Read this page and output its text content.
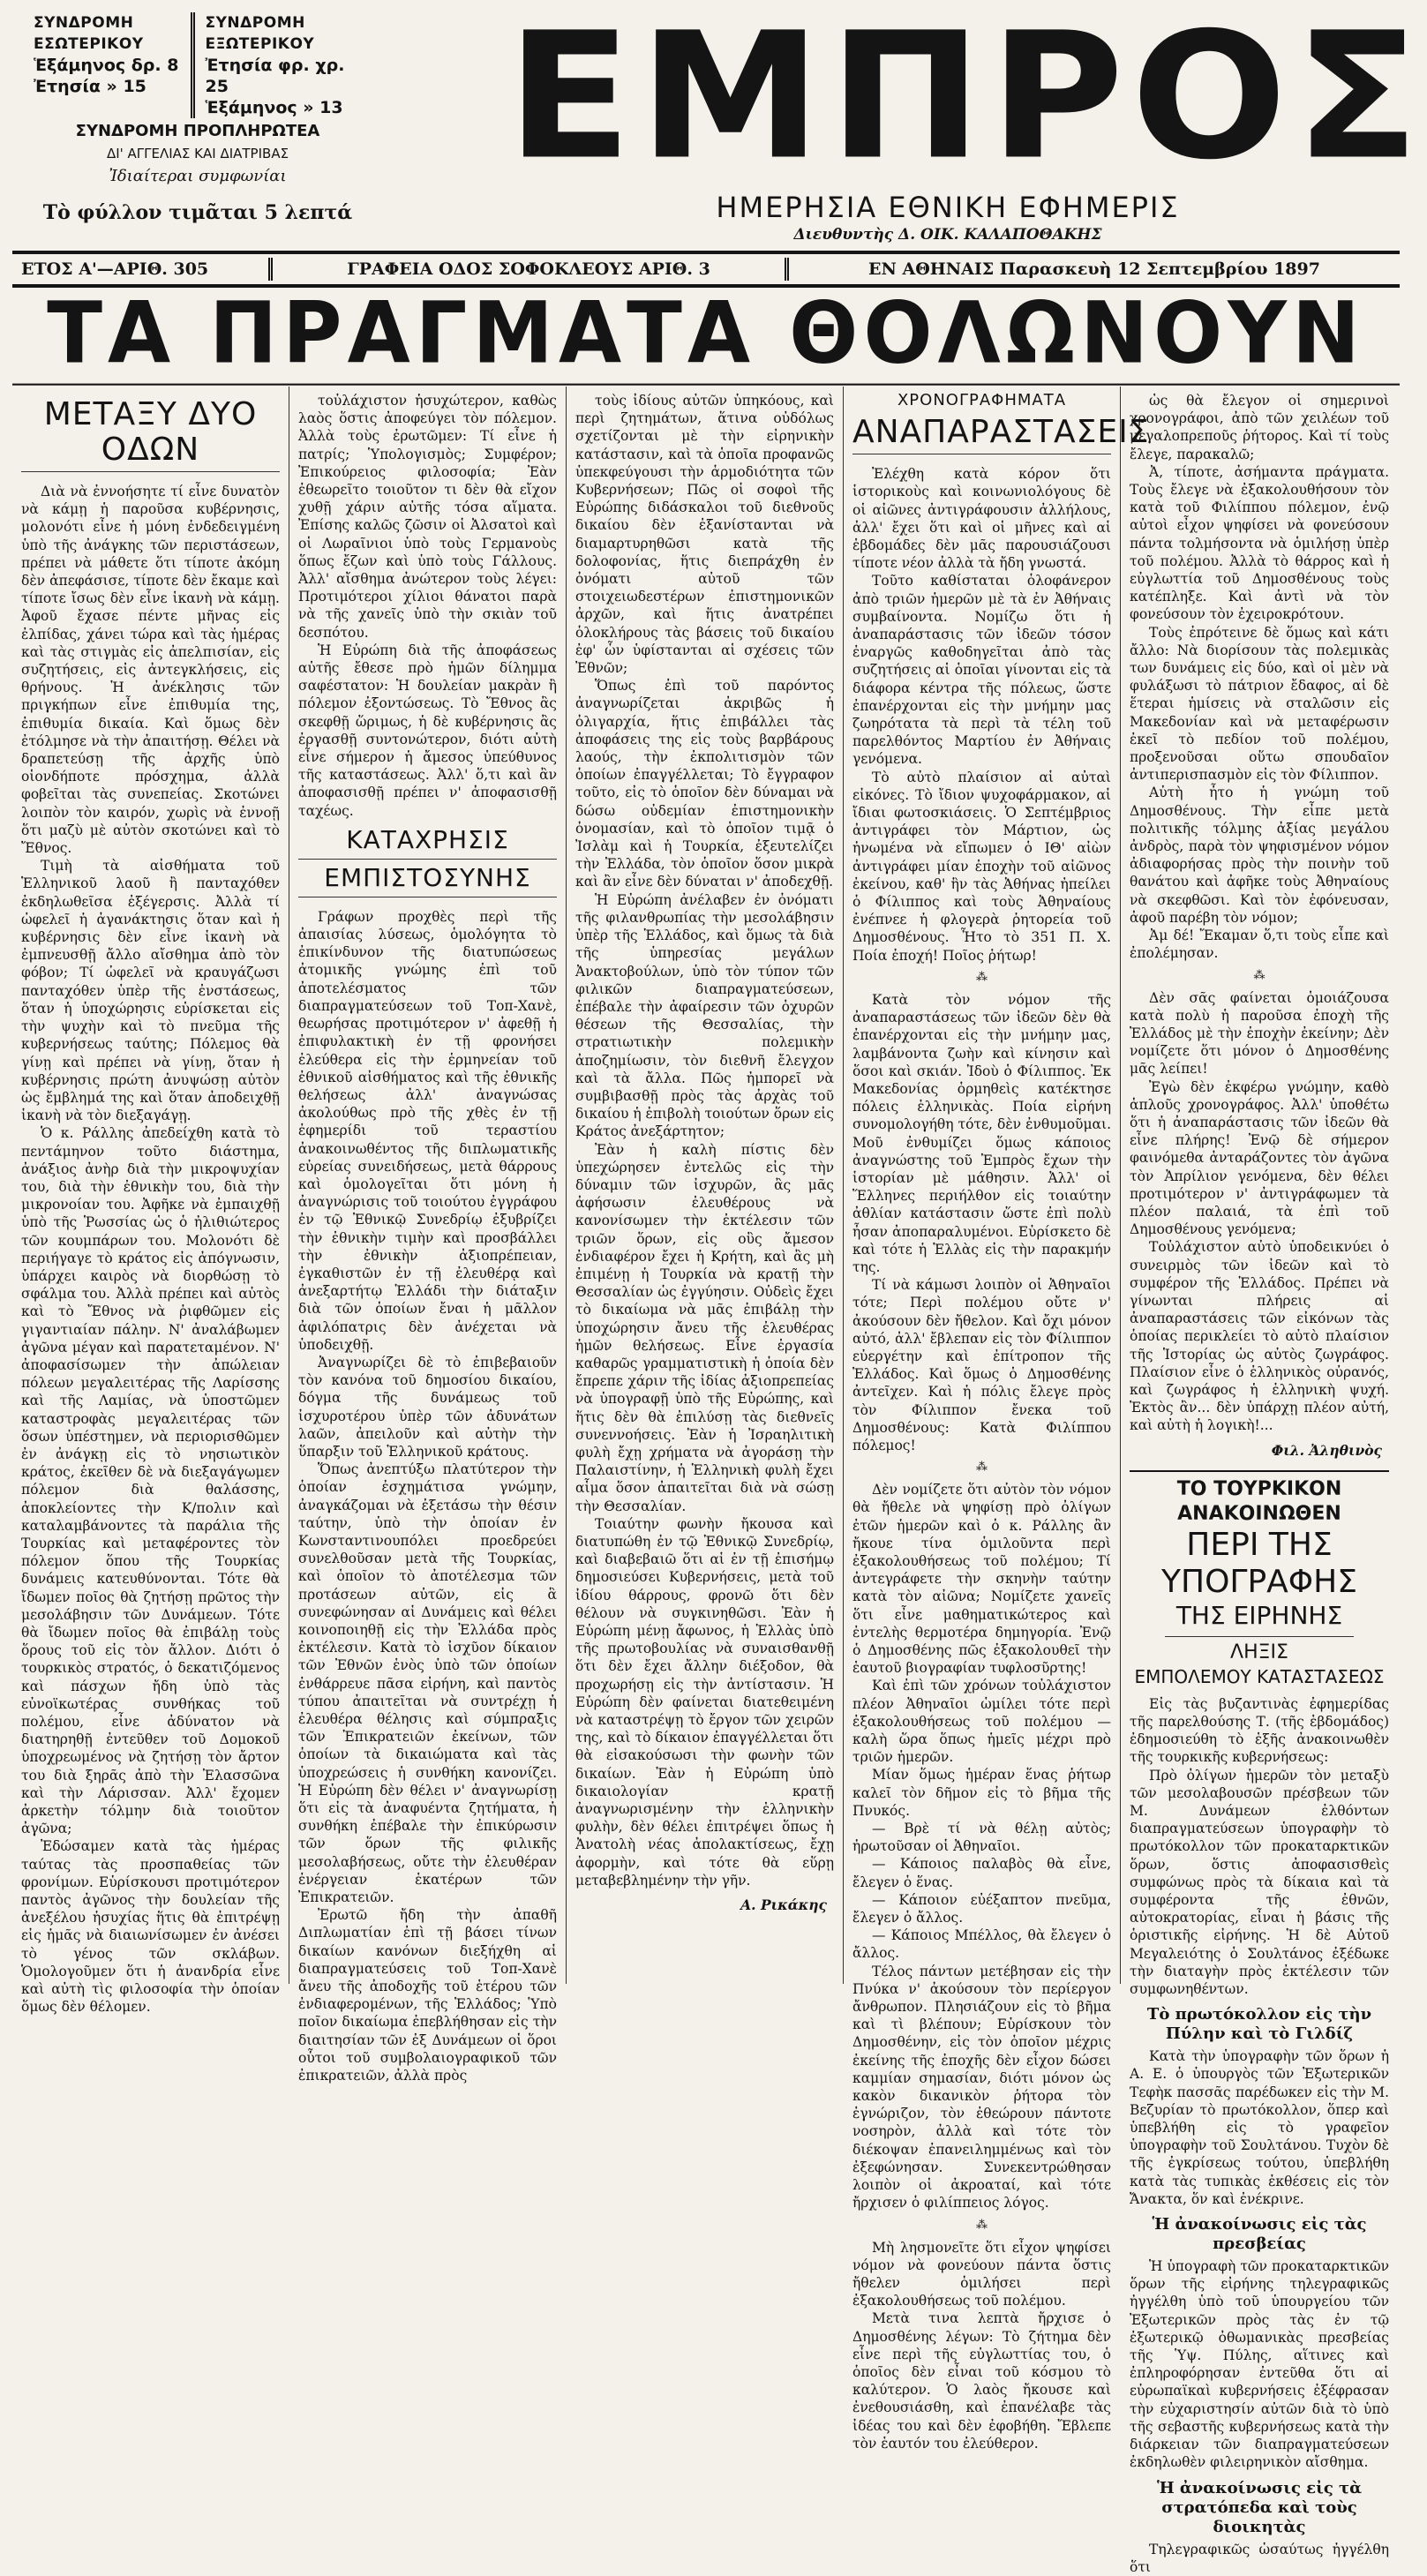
ΣΥΝΔΡΟΜΗ ΕΣΩΤΕΡΙΚΟΥ
Ἑξάμηνος δρ. 8
Ἐτησία » 15
ΣΥΝΔΡΟΜΗ ΕΞΩΤΕΡΙΚΟΥ
Ἐτησία φρ. χρ. 25
Ἑξάμηνος » 13
ΣΥΝΔΡΟΜΗ ΠΡΟΠΛΗΡΩΤΕΑ
ΔΙ' ΑΓΓΕΛΙΑΣ ΚΑΙ ΔΙΑΤΡΙΒΑΣ
Ἰδιαίτεραι συμφωνίαι
Τὸ φύλλον τιμᾶται 5 λεπτά
ΕΜΠΡΟΣ
ΗΜΕΡΗΣΙΑ ΕΘΝΙΚΗ ΕΦΗΜΕΡΙΣ
Διευθυντὴς Δ. ΟΙΚ. ΚΑΛΑΠΟΘΑΚΗΣ
ΕΤΟΣ Α'—ΑΡΙΘ. 305	ΓΡΑΦΕΙΑ ΟΔΟΣ ΣΟΦΟΚΛΕΟΥΣ ΑΡΙΘ. 3	ΕΝ ΑΘΗΝΑΙΣ Παρασκευὴ 12 Σεπτεμβρίου 1897
ΤΑ ΠΡΑΓΜΑΤΑ ΘΟΛΩΝΟΥΝ
ΜΕΤΑΞΥ ΔΥΟ ΟΔΩΝ

Διὰ νὰ ἐννοήσητε τί εἶνε δυνατὸν νὰ κάμῃ ἡ παροῦσα κυβέρνησις, μολονότι εἶνε ἡ μόνη ἐνδεδειγμένη ὑπὸ τῆς ἀνάγκης τῶν περιστάσεων, πρέπει νὰ μάθετε ὅτι τίποτε ἀκόμη δὲν ἀπεφάσισε, τίποτε δὲν ἔκαμε καὶ τίποτε ἴσως δὲν εἶνε ἱκανὴ νὰ κάμῃ. Ἀφοῦ ἔχασε πέντε μῆνας εἰς ἐλπίδας, χάνει τώρα καὶ τὰς ἡμέρας καὶ τὰς στιγμὰς εἰς ἀπελπισίαν, εἰς συζητήσεις, εἰς ἀντεγκλήσεις, εἰς θρήνους. Ἡ ἀνέκλησις τῶν πριγκήπων εἶνε ἐπιθυμία της, ἐπιθυμία δικαία. Καὶ ὅμως δὲν ἐτόλμησε νὰ τὴν ἀπαιτήσῃ. Θέλει νὰ δραπετεύσῃ τῆς ἀρχῆς ὑπὸ οἱονδήποτε πρόσχημα, ἀλλὰ φοβεῖται τὰς συνεπείας. Σκοτώνει λοιπὸν τὸν καιρόν, χωρὶς νὰ ἐννοῇ ὅτι μαζὺ μὲ αὐτὸν σκοτώνει καὶ τὸ Ἔθνος.

Τιμὴ τὰ αἰσθήματα τοῦ Ἑλληνικοῦ λαοῦ ἢ πανταχόθεν ἐκδηλωθεῖσα ἐξέγερσις. Ἀλλὰ τί ὠφελεῖ ἡ ἀγανάκτησις ὅταν καὶ ἡ κυβέρνησις δὲν εἶνε ἱκανὴ νὰ ἐμπνευσθῇ ἄλλο αἴσθημα ἀπὸ τὸν φόβον; Τί ὠφελεῖ νὰ κραυγάζωσι πανταχόθεν ὑπὲρ τῆς ἐνστάσεως, ὅταν ἡ ὑποχώρησις εὑρίσκεται εἰς τὴν ψυχὴν καὶ τὸ πνεῦμα τῆς κυβερνήσεως ταύτης; Πόλεμος θὰ γίνῃ καὶ πρέπει νὰ γίνῃ, ὅταν ἡ κυβέρνησις πρώτη ἀνυψώσῃ αὐτὸν ὡς ἔμβλημά της καὶ ὅταν ἀποδειχθῇ ἱκανὴ νὰ τὸν διεξαγάγῃ.

Ὁ κ. Ράλλης ἀπεδείχθη κατὰ τὸ πεντάμηνον τοῦτο διάστημα, ἀνάξιος ἀνὴρ διὰ τὴν μικροψυχίαν του, διὰ τὴν ἐθνικὴν του, διὰ τὴν μικρονοίαν του. Ἀφῆκε νὰ ἐμπαιχθῇ ὑπὸ τῆς Ῥωσσίας ὡς ὁ ἠλιθιώτερος τῶν κουμπάρων του. Μολονότι δὲ περιήγαγε τὸ κράτος εἰς ἀπόγνωσιν, ὑπάρχει καιρὸς νὰ διορθώσῃ τὸ σφάλμα του. Ἀλλὰ πρέπει καὶ αὐτὸς καὶ τὸ Ἔθνος νὰ ῥιφθῶμεν εἰς γιγαντιαίαν πάλην. Ν' ἀναλάβωμεν ἀγῶνα μέγαν καὶ παρατεταμένον. Ν' ἀποφασίσωμεν τὴν ἀπώλειαν πόλεων μεγαλειτέρας τῆς Λαρίσσης καὶ τῆς Λαμίας, νὰ ὑποστῶμεν καταστροφὰς μεγαλειτέρας τῶν ὅσων ὑπέστημεν, νὰ περιορισθῶμεν ἐν ἀνάγκῃ εἰς τὸ νησιωτικὸν κράτος, ἐκεῖθεν δὲ νὰ διεξαγάγωμεν πόλεμον διὰ θαλάσσης, ἀποκλείοντες τὴν Κ/πολιν καὶ καταλαμβάνοντες τὰ παράλια τῆς Τουρκίας καὶ μεταφέροντες τὸν πόλεμον ὅπου τῆς Τουρκίας δυνάμεις κατευθύνονται. Τότε θὰ ἴδωμεν ποῖος θὰ ζητήσῃ πρῶτος τὴν μεσολάβησιν τῶν Δυνάμεων. Τότε θὰ ἴδωμεν ποῖος θὰ ἐπιβάλῃ τοὺς ὅρους τοῦ εἰς τὸν ἄλλον. Διότι ὁ τουρκικὸς στρατός, ὁ δεκατιζόμενος καὶ πάσχων ἤδη ὑπὸ τὰς εὐνοϊκωτέρας συνθήκας τοῦ πολέμου, εἶνε ἀδύνατον νὰ διατηρηθῇ ἐντεῦθεν τοῦ Δομοκοῦ ὑποχρεωμένος νὰ ζητήσῃ τὸν ἄρτον του διὰ ξηρᾶς ἀπὸ τὴν Ἐλασσῶνα καὶ τὴν Λάρισσαν. Ἀλλ' ἔχομεν ἀρκετὴν τόλμην διὰ τοιοῦτον ἀγῶνα;

Ἐδώσαμεν κατὰ τὰς ἡμέρας ταύτας τὰς προσπαθείας τῶν φρονίμων. Εὑρίσκουσι προτιμότερον παντὸς ἀγῶνος τὴν δουλείαν τῆς ἀνεξέλου ἡσυχίας ἥτις θὰ ἐπιτρέψῃ εἰς ἡμᾶς νὰ διαιωνίσωμεν ἐν ἀνέσει τὸ γένος τῶν σκλάβων. Ὁμολογοῦμεν ὅτι ἡ ἀνανδρία εἶνε καὶ αὐτὴ τὶς φιλοσοφία τὴν ὁποίαν ὅμως δὲν θέλομεν.

τοὐλάχιστον ἡσυχώτερον, καθὼς λαὸς ὅστις ἀποφεύγει τὸν πόλεμον. Ἀλλὰ τοὺς ἐρωτῶμεν: Τί εἶνε ἡ πατρίς; Ὑπολογισμὸς; Συμφέρον; Ἐπικούρειος φιλοσοφία; Ἐὰν ἐθεωρεῖτο τοιοῦτον τι δὲν θὰ εἴχον χυθῇ χάριν αὐτῆς τόσα αἵματα. Ἐπίσης καλῶς ζῶσιν οἱ Ἀλσατοὶ καὶ οἱ Λωραῖνιοι ὑπὸ τοὺς Γερμανοὺς ὅπως ἔζων καὶ ὑπὸ τοὺς Γάλλους. Ἀλλ' αἴσθημα ἀνώτερον τοὺς λέγει: Προτιμότεροι χίλιοι θάνατοι παρὰ νὰ τῆς χανεῖς ὑπὸ τὴν σκιὰν τοῦ δεσπότου.

Ἡ Εὐρώπη διὰ τῆς ἀποφάσεως αὐτῆς ἔθεσε πρὸ ἡμῶν δίλημμα σαφέστατον: Ἡ δουλείαν μακρὰν ἢ πόλεμον ἐξοντώσεως. Τὸ Ἔθνος ἂς σκεφθῇ ὥριμως, ἡ δὲ κυβέρνησις ἂς ἐργασθῇ συντονώτερον, διότι αὐτὴ εἶνε σήμερον ἡ ἄμεσος ὑπεύθυνος τῆς καταστάσεως. Ἀλλ' ὅ,τι καὶ ἂν ἀποφασισθῇ πρέπει ν' ἀποφασισθῇ ταχέως.

ΚΑΤΑΧΡΗΣΙΣ
ΕΜΠΙΣΤΟΣΥΝΗΣ

Γράφων προχθὲς περὶ τῆς ἀπαισίας λύσεως, ὁμολόγητα τὸ ἐπικίνδυνον τῆς διατυπώσεως ἀτομικῆς γνώμης ἐπὶ τοῦ ἀποτελέσματος τῶν διαπραγματεύσεων τοῦ Τοπ-Χανὲ, θεωρήσας προτιμότερον ν' ἀφεθῇ ἡ ἐπιφυλακτικὴ ἐν τῇ φρονήσει ἐλεύθερα εἰς τὴν ἑρμηνείαν τοῦ ἐθνικοῦ αἰσθήματος καὶ τῆς ἐθνικῆς θελήσεως ἀλλ' ἀναγνώσας ἀκολούθως πρὸ τῆς χθὲς ἐν τῇ ἐφημερίδι τοῦ τεραστίου ἀνακοινωθέντος τῆς διπλωματικῆς εὐρείας συνειδήσεως, μετὰ θάρρους καὶ ὁμολογεῖται ὅτι μόνη ἡ ἀναγνώρισις τοῦ τοιούτου ἐγγράφου ἐν τῷ Ἐθνικῷ Συνεδρίῳ ἐξυβρίζει τὴν ἐθνικὴν τιμὴν καὶ προσβάλλει τὴν ἐθνικὴν ἀξιοπρέπειαν, ἐγκαθιστῶν ἐν τῇ ἐλευθέρᾳ καὶ ἀνεξαρτήτῳ Ἑλλάδι τὴν διάταξιν διὰ τῶν ὁποίων ἔναι ἡ μᾶλλον ἀφιλόπατρις δὲν ἀνέχεται νὰ ὑποδειχθῇ.

Ἀναγνωρίζει δὲ τὸ ἐπιβεβαιοῦν τὸν κανόνα τοῦ δημοσίου δικαίου, δόγμα τῆς δυνάμεως τοῦ ἰσχυροτέρου ὑπὲρ τῶν ἀδυνάτων λαῶν, ἀπειλοῦν καὶ αὐτὴν τὴν ὕπαρξιν τοῦ Ἑλληνικοῦ κράτους.

Ὅπως ἀνεπτύξω πλατύτερον τὴν ὁποίαν ἐσχημάτισα γνώμην, ἀναγκάζομαι νὰ ἐξετάσω τὴν θέσιν ταύτην, ὑπὸ τὴν ὁποίαν ἐν Κωνσταντινουπόλει προεδρεύει συνελθοῦσαν μετὰ τῆς Τουρκίας, καὶ ὁποῖον τὸ ἀποτέλεσμα τῶν προτάσεων αὐτῶν, εἰς ἃ συνεφώνησαν αἱ Δυνάμεις καὶ θέλει κοινοποιηθῇ εἰς τὴν Ἑλλάδα πρὸς ἐκτέλεσιν. Κατὰ τὸ ἰσχῦον δίκαιον τῶν Ἐθνῶν ἑνὸς ὑπὸ τῶν ὁποίων ἐνθάρρευε πᾶσα εἰρήνη, καὶ παντὸς τύπου ἀπαιτεῖται νὰ συντρέχῃ ἡ ἐλευθέρα θέλησις καὶ σύμπραξις τῶν Ἐπικρατειῶν ἐκείνων, τῶν ὁποίων τὰ δικαιώματα καὶ τὰς ὑποχρεώσεις ἡ συνθήκη κανονίζει. Ἡ Εὐρώπη δὲν θέλει ν' ἀναγνωρίσῃ ὅτι εἰς τὰ ἀναφυέντα ζητήματα, ἡ συνθήκη ἐπέβαλε τὴν ἐπικύρωσιν τῶν ὅρων τῆς φιλικῆς μεσολαβήσεως, οὔτε τὴν ἐλευθέραν ἐνέργειαν ἑκατέρων τῶν Ἐπικρατειῶν.

Ἐρωτῶ ἤδη τὴν ἀπαθῆ Διπλωματίαν ἐπὶ τῇ βάσει τίνων δικαίων κανόνων διεξήχθη αἱ διαπραγματεύσεις τοῦ Τοπ-Χανὲ ἄνευ τῆς ἀποδοχῆς τοῦ ἑτέρου τῶν ἐνδιαφερομένων, τῆς Ἑλλάδος; Ὑπὸ ποῖον δικαίωμα ἐπεβλήθησαν εἰς τὴν διαιτησίαν τῶν ἐξ Δυνάμεων οἱ ὅροι οὗτοι τοῦ συμβολαιογραφικοῦ τῶν ἐπικρατειῶν, ἀλλὰ πρὸς

τοὺς ἰδίους αὐτῶν ὑπηκόους, καὶ περὶ ζητημάτων, ἅτινα οὐδόλως σχετίζονται μὲ τὴν εἰρηνικὴν κατάστασιν, καὶ τὰ ὁποῖα προφανῶς ὑπεκφεύγουσι τὴν ἁρμοδιότητα τῶν Κυβερνήσεων; Πῶς οἱ σοφοὶ τῆς Εὐρώπης διδάσκαλοι τοῦ διεθνοῦς δικαίου δὲν ἐξανίστανται νὰ διαμαρτυρηθῶσι κατὰ τῆς δολοφονίας, ἥτις διεπράχθη ἐν ὀνόματι αὐτοῦ τῶν στοιχειωδεστέρων ἐπιστημονικῶν ἀρχῶν, καὶ ἥτις ἀνατρέπει ὁλοκλήρους τὰς βάσεις τοῦ δικαίου ἐφ' ὧν ὑφίστανται αἱ σχέσεις τῶν Ἐθνῶν;

Ὅπως ἐπὶ τοῦ παρόντος ἀναγνωρίζεται ἀκριβῶς ἡ ὀλιγαρχία, ἥτις ἐπιβάλλει τὰς ἀποφάσεις της εἰς τοὺς βαρβάρους λαούς, τὴν ἐκπολιτισμὸν τῶν ὁποίων ἐπαγγέλλεται; Τὸ ἔγγραφον τοῦτο, εἰς τὸ ὁποῖον δὲν δύναμαι νὰ δώσω οὐδεμίαν ἐπιστημονικὴν ὀνομασίαν, καὶ τὸ ὁποῖον τιμᾷ ὁ Ἰσλὰμ καὶ ἡ Τουρκία, ἐξευτελίζει τὴν Ἑλλάδα, τὸν ὁποῖον ὅσον μικρὰ καὶ ἂν εἶνε δὲν δύναται ν' ἀποδεχθῇ.

Ἡ Εὐρώπη ἀνέλαβεν ἐν ὀνόματι τῆς φιλανθρωπίας τὴν μεσολάβησιν ὑπὲρ τῆς Ἑλλάδος, καὶ ὅμως τὰ διὰ τῆς ὑπηρεσίας μεγάλων Ἀνακτοβούλων, ὑπὸ τὸν τύπον τῶν φιλικῶν διαπραγματεύσεων, ἐπέβαλε τὴν ἀφαίρεσιν τῶν ὁχυρῶν θέσεων τῆς Θεσσαλίας, τὴν στρατιωτικὴν πολεμικὴν ἀποζημίωσιν, τὸν διεθνῆ ἔλεγχον καὶ τὰ ἄλλα. Πῶς ἠμπορεῖ νὰ συμβιβασθῇ πρὸς τὰς ἀρχὰς τοῦ δικαίου ἡ ἐπιβολὴ τοιούτων ὅρων εἰς Κράτος ἀνεξάρτητον;

Ἐὰν ἡ καλὴ πίστις δὲν ὑπεχώρησεν ἐντελῶς εἰς τὴν δύναμιν τῶν ἰσχυρῶν, ἂς μᾶς ἀφήσωσιν ἐλευθέρους νὰ κανονίσωμεν τὴν ἐκτέλεσιν τῶν τριῶν ὅρων, εἰς οὓς ἄμεσον ἐνδιαφέρον ἔχει ἡ Κρήτη, καὶ ἂς μὴ ἐπιμένῃ ἡ Τουρκία νὰ κρατῇ τὴν Θεσσαλίαν ὡς ἐγγύησιν. Οὐδεὶς ἔχει τὸ δικαίωμα νὰ μᾶς ἐπιβάλῃ τὴν ὑποχώρησιν ἄνευ τῆς ἐλευθέρας ἡμῶν θελήσεως. Εἶνε ἐργασία καθαρῶς γραμματιστικὴ ἡ ὁποία δὲν ἔπρεπε χάριν τῆς ἰδίας ἀξιοπρεπείας νὰ ὑπογραφῇ ὑπὸ τῆς Εὐρώπης, καὶ ἥτις δὲν θὰ ἐπιλύσῃ τὰς διεθνεῖς συνεννοήσεις. Ἐὰν ἡ Ἰσραηλιτικὴ φυλὴ ἔχῃ χρήματα νὰ ἀγοράσῃ τὴν Παλαιστίνην, ἡ Ἑλληνικὴ φυλὴ ἔχει αἷμα ὅσον ἀπαιτεῖται διὰ νὰ σώσῃ τὴν Θεσσαλίαν.

Τοιαύτην φωνὴν ἤκουσα καὶ διατυπώθη ἐν τῷ Ἐθνικῷ Συνεδρίῳ, καὶ διαβεβαιῶ ὅτι αἱ ἐν τῇ ἐπισήμῳ δημοσιεύσει Κυβερνήσεις, μετὰ τοῦ ἰδίου θάρρους, φρονῶ ὅτι δὲν θέλουν νὰ συγκινηθῶσι. Ἐὰν ἡ Εὐρώπη μένῃ ἄφωνος, ἡ Ἑλλὰς ὑπὸ τῆς πρωτοβουλίας νὰ συναισθανθῇ ὅτι δὲν ἔχει ἄλλην διέξοδον, θὰ προχωρήσῃ εἰς τὴν ἀντίστασιν. Ἡ Εὐρώπη δὲν φαίνεται διατεθειμένη νὰ καταστρέψῃ τὸ ἔργον τῶν χειρῶν της, καὶ τὸ δίκαιον ἐπαγγέλλεται ὅτι θὰ εἰσακούσωσι τὴν φωνὴν τῶν δικαίων. Ἐὰν ἡ Εὐρώπη ὑπὸ δικαιολογίαν κρατῇ ἀναγνωρισμένην τὴν ἑλληνικὴν φυλὴν, δὲν θέλει ἐπιτρέψει ὅπως ἡ Ἀνατολὴ νέας ἀπολακτίσεως, ἔχῃ ἀφορμὴν, καὶ τότε θὰ εὕρῃ μεταβεβλημένην τὴν γῆν.

Α. Ρικάκης
ΧΡΟΝΟΓΡΑΦΗΜΑΤΑ
ΑΝΑΠΑΡΑΣΤΑΣΕΙΣ

Ἐλέχθη κατὰ κόρον ὅτι ἱστορικοὺς καὶ κοινωνιολόγους δὲ οἱ αἰῶνες ἀντιγράφουσιν ἀλλήλους, ἀλλ' ἔχει ὅτι καὶ οἱ μῆνες καὶ αἱ ἑβδομάδες δὲν μᾶς παρουσιάζουσι τίποτε νέον ἀλλὰ τὰ ἤδη γνωστά.

Τοῦτο καθίσταται ὁλοφάνερον ἀπὸ τριῶν ἡμερῶν μὲ τὰ ἐν Ἀθήναις συμβαίνοντα. Νομίζω ὅτι ἡ ἀναπαράστασις τῶν ἰδεῶν τόσον ἐναργῶς καθοδηγεῖται ἀπὸ τὰς συζητήσεις αἱ ὁποῖαι γίνονται εἰς τὰ διάφορα κέντρα τῆς πόλεως, ὥστε ἐπανέρχονται εἰς τὴν μνήμην μας ζωηρότατα τὰ περὶ τὰ τέλη τοῦ παρελθόντος Μαρτίου ἐν Ἀθήναις γενόμενα.

Τὸ αὐτὸ πλαίσιον αἱ αὐταὶ εἰκόνες. Τὸ ἴδιον ψυχοφάρμακον, αἱ ἴδιαι φωτοσκιάσεις. Ὁ Σεπτέμβριος ἀντιγράφει τὸν Μάρτιον, ὡς ἠνωμένα νὰ εἴπωμεν ὁ ΙΘ' αἰὼν ἀντιγράφει μίαν ἐποχὴν τοῦ αἰῶνος ἐκείνου, καθ' ἣν τὰς Ἀθήνας ἠπείλει ὁ Φίλιππος καὶ τοὺς Ἀθηναίους ἐνέπνεε ἡ φλογερὰ ῥητορεία τοῦ Δημοσθένους. Ἦτο τὸ 351 Π. Χ. Ποία ἐποχή! Ποῖος ῥήτωρ!

⁂

Κατὰ τὸν νόμον τῆς ἀναπαραστάσεως τῶν ἰδεῶν δὲν θὰ ἐπανέρχονται εἰς τὴν μνήμην μας, λαμβάνοντα ζωὴν καὶ κίνησιν καὶ ὅσοι καὶ σκιάν. Ἰδοὺ ὁ Φίλιππος. Ἐκ Μακεδονίας ὁρμηθεὶς κατέκτησε πόλεις ἑλληνικὰς. Ποία εἰρήνη συνομολογήθη τότε, δὲν ἐνθυμοῦμαι. Μοῦ ἐνθυμίζει ὅμως κάποιος ἀναγνώστης τοῦ Ἐμπρὸς ἔχων τὴν ἱστορίαν μὲ μάθησιν. Ἀλλ' οἱ Ἕλληνες περιήλθον εἰς τοιαύτην ἀθλίαν κατάστασιν ὥστε ἐπὶ πολὺ ἦσαν ἀποπαραλυμένοι. Εὑρίσκετο δὲ καὶ τότε ἡ Ἑλλὰς εἰς τὴν παρακμήν της.

Τί νὰ κάμωσι λοιπὸν οἱ Ἀθηναῖοι τότε; Περὶ πολέμου οὔτε ν' ἀκούσουν δὲν ἤθελον. Καὶ ὄχι μόνον αὐτό, ἀλλ' ἔβλεπαν εἰς τὸν Φίλιππον εὐεργέτην καὶ ἐπίτροπον τῆς Ἑλλάδος. Καὶ ὅμως ὁ Δημοσθένης ἀντεῖχεν. Καὶ ἡ πόλις ἔλεγε πρὸς τὸν Φίλιππον ἔνεκα τοῦ Δημοσθένους: Κατὰ Φιλίππου πόλεμος!

⁂

Δὲν νομίζετε ὅτι αὐτὸν τὸν νόμον θὰ ἤθελε νὰ ψηφίσῃ πρὸ ὀλίγων ἐτῶν ἡμερῶν καὶ ὁ κ. Ράλλης ἂν ἤκουε τίνα ὁμιλοῦντα περὶ ἐξακολουθήσεως τοῦ πολέμου; Τί ἀντεγράφετε τὴν σκηνὴν ταύτην κατὰ τὸν αἰῶνα; Νομίζετε χανεῖς ὅτι εἶνε μαθηματικώτερος καὶ ἐντελὴς θερμοτέρα δημηγορία. Ἐνῷ ὁ Δημοσθένης πῶς ἐξακολουθεῖ τὴν ἑαυτοῦ βιογραφίαν τυφλοσῦρτης!

Καὶ ἐπὶ τῶν χρόνων τοὐλάχιστον πλέον Ἀθηναῖοι ὡμίλει τότε περὶ ἐξακολουθήσεως τοῦ πολέμου — καλὴ ὥρα ὅπως ἡμεῖς μέχρι πρὸ τριῶν ἡμερῶν.

Μίαν ὅμως ἡμέραν ἕνας ῥήτωρ καλεῖ τὸν δῆμον εἰς τὸ βῆμα τῆς Πνυκός.

— Βρὲ τί νὰ θέλῃ αὐτὸς; ἠρωτοῦσαν οἱ Ἀθηναῖοι.

— Κάποιος παλαβὸς θὰ εἶνε, ἔλεγεν ὁ ἕνας.

— Κάποιον εὐέξαπτον πνεῦμα, ἔλεγεν ὁ ἄλλος.

— Κάποιος Μπέλλος, θὰ ἔλεγεν ὁ ἄλλος.

Τέλος πάντων μετέβησαν εἰς τὴν Πνύκα ν' ἀκούσουν τὸν περίεργον ἄνθρωπον. Πλησιάζουν εἰς τὸ βῆμα καὶ τὶ βλέπουν; Εὑρίσκουν τὸν Δημοσθένην, εἰς τὸν ὁποῖον μέχρις ἐκείνης τῆς ἐποχῆς δὲν εἶχον δώσει καμμίαν σημασίαν, διότι μόνον ὡς κακὸν δικανικὸν ῥήτορα τὸν ἐγνώριζον, τὸν ἐθεώρουν πάντοτε νοσηρὸν, ἀλλὰ καὶ τότε τὸν διέκοψαν ἐπανειλημμένως καὶ τὸν ἐξεφώνησαν. Συνεκεντρώθησαν λοιπὸν οἱ ἀκροαταί, καὶ τότε ἤρχισεν ὁ φιλίππειος λόγος.

⁂

Μὴ λησμονεῖτε ὅτι εἶχον ψηφίσει νόμον νὰ φονεύουν πάντα ὅστις ἤθελεν ὁμιλήσει περὶ ἐξακολουθήσεως τοῦ πολέμου.

Μετὰ τινα λεπτὰ ἤρχισε ὁ Δημοσθένης λέγων: Τὸ ζήτημα δὲν εἶνε περὶ τῆς εὐγλωττίας του, ὁ ὁποῖος δὲν εἶναι τοῦ κόσμου τὸ καλύτερον. Ὁ λαὸς ἤκουσε καὶ ἐνεθουσιάσθη, καὶ ἐπανέλαβε τὰς ἰδέας του καὶ δὲν ἐφοβήθη. Ἔβλεπε τὸν ἑαυτόν του ἐλεύθερον.

ὡς θὰ ἔλεγον οἱ σημερινοὶ χρονογράφοι, ἀπὸ τῶν χειλέων τοῦ μεγαλοπρεποῦς ῥήτορος. Καὶ τί τοὺς ἔλεγε, παρακαλῶ;

Ἀ, τίποτε, ἀσήμαντα πράγματα. Τοὺς ἔλεγε νὰ ἐξακολουθήσουν τὸν κατὰ τοῦ Φιλίππου πόλεμον, ἐνῷ αὐτοὶ εἶχον ψηφίσει νὰ φονεύσουν πάντα τολμήσοντα νὰ ὁμιλήσῃ ὑπὲρ τοῦ πολέμου. Ἀλλὰ τὸ θάρρος καὶ ἡ εὐγλωττία τοῦ Δημοσθένους τοὺς κατέπληξε. Καὶ ἀντὶ νὰ τὸν φονεύσουν τὸν ἐχειροκρότουν.

Τοὺς ἐπρότεινε δὲ ὅμως καὶ κάτι ἄλλο: Νὰ διορίσουν τὰς πολεμικὰς των δυνάμεις εἰς δύο, καὶ οἱ μὲν νὰ φυλάξωσι τὸ πάτριον ἔδαφος, αἱ δὲ ἕτεραι ἡμίσεις νὰ σταλῶσιν εἰς Μακεδονίαν καὶ νὰ μεταφέρωσιν ἐκεῖ τὸ πεδίον τοῦ πολέμου, προξενοῦσαι οὕτω σπουδαῖον ἀντιπερισπασμὸν εἰς τὸν Φίλιππον.

Αὐτὴ ἦτο ἡ γνώμη τοῦ Δημοσθένους. Τὴν εἶπε μετὰ πολιτικῆς τόλμης ἀξίας μεγάλου ἀνδρὸς, παρὰ τὸν ψηφισμένον νόμον ἀδιαφορήσας πρὸς τὴν ποινὴν τοῦ θανάτου καὶ ἀφῆκε τοὺς Ἀθηναίους νὰ σκεφθῶσι. Καὶ τὸν ἐφόνευσαν, ἀφοῦ παρέβη τὸν νόμον;

Ἀμ δέ! Ἔκαμαν ὅ,τι τοὺς εἶπε καὶ ἐπολέμησαν.

⁂

Δὲν σᾶς φαίνεται ὁμοιάζουσα κατὰ πολὺ ἡ παροῦσα ἐποχὴ τῆς Ἑλλάδος μὲ τὴν ἐποχὴν ἐκείνην; Δὲν νομίζετε ὅτι μόνον ὁ Δημοσθένης μᾶς λείπει!

Ἐγὼ δὲν ἐκφέρω γνώμην, καθὸ ἁπλοῦς χρονογράφος. Ἀλλ' ὑποθέτω ὅτι ἡ ἀναπαράστασις τῶν ἰδεῶν θὰ εἶνε πλήρης! Ἐνῷ δὲ σήμερον φαινόμεθα ἀνταράζοντες τὸν ἀγῶνα τὸν Ἀπρίλιον γενόμενα, δὲν θέλει προτιμότερον ν' ἀντιγράφωμεν τὰ πλέον παλαιά, τὰ ἐπὶ τοῦ Δημοσθένους γενόμενα;

Τοὐλάχιστον αὐτὸ ὑποδεικνύει ὁ συνειρμὸς τῶν ἰδεῶν καὶ τὸ συμφέρον τῆς Ἑλλάδος. Πρέπει νὰ γίνωνται πλήρεις αἱ ἀναπαραστάσεις τῶν εἰκόνων τὰς ὁποίας περικλείει τὸ αὐτὸ πλαίσιον τῆς Ἱστορίας ὡς αὐτὸς ζωγράφος. Πλαίσιον εἶνε ὁ ἑλληνικὸς οὐρανός, καὶ ζωγράφος ἡ ἑλληνικὴ ψυχή. Ἐκτὸς ἂν... δὲν ὑπάρχῃ πλέον αὐτή, καὶ αὐτὴ ἡ λογικὴ!...

Φιλ. Ἀληθινὸς
ΤΟ ΤΟΥΡΚΙΚΟΝ ΑΝΑΚΟΙΝΩΘΕΝ
ΠΕΡΙ ΤΗΣ ΥΠΟΓΡΑΦΗΣ
ΤΗΣ ΕΙΡΗΝΗΣ
ΛΗΞΙΣ
ΕΜΠΟΛΕΜΟΥ ΚΑΤΑΣΤΑΣΕΩΣ

Εἰς τὰς βυζαντινὰς ἐφημερίδας τῆς παρελθούσης Τ. (τῆς ἑβδομάδος) ἐδημοσιεύθη τὸ ἑξῆς ἀνακοινωθὲν τῆς τουρκικῆς κυβερνήσεως:

Πρὸ ὀλίγων ἡμερῶν τὸν μεταξὺ τῶν μεσολαβουσῶν πρέσβεων τῶν Μ. Δυνάμεων ἐλθόντων διαπραγματεύσεων ὑπογραφὴν τὸ πρωτόκολλον τῶν προκαταρκτικῶν ὅρων, ὅστις ἀποφασισθεὶς συμφώνως πρὸς τὰ δίκαια καὶ τὰ συμφέροντα τῆς ἐθνῶν, αὐτοκρατορίας, εἶναι ἡ βάσις τῆς ὁριστικῆς εἰρήνης. Ἡ δὲ Αὐτοῦ Μεγαλειότης ὁ Σουλτάνος ἐξέδωκε τὴν διαταγὴν πρὸς ἐκτέλεσιν τῶν συμφωνηθέντων.

Τὸ πρωτόκολλον εἰς τὴν Πύλην καὶ τὸ Γιλδίζ

Κατὰ τὴν ὑπογραφὴν τῶν ὅρων ἡ Α. Ε. ὁ ὑπουργὸς τῶν Ἐξωτερικῶν Τεφὴκ πασσᾶς παρέδωκεν εἰς τὴν Μ. Βεζυρίαν τὸ πρωτόκολλον, ὅπερ καὶ ὑπεβλήθη εἰς τὸ γραφεῖον ὑπογραφὴν τοῦ Σουλτάνου. Τυχὸν δὲ τῆς ἐγκρίσεως τούτου, ὑπεβλήθη κατὰ τὰς τυπικὰς ἐκθέσεις εἰς τὸν Ἄνακτα, ὅν καὶ ἐνέκρινε.

Ἡ ἀνακοίνωσις εἰς τὰς πρεσβείας

Ἡ ὑπογραφὴ τῶν προκαταρκτικῶν ὅρων τῆς εἰρήνης τηλεγραφικῶς ἠγγέλθη ὑπὸ τοῦ ὑπουργείου τῶν Ἐξωτερικῶν πρὸς τὰς ἐν τῷ ἐξωτερικῷ ὀθωμανικὰς πρεσβείας τῆς Ὑψ. Πύλης, αἵτινες καὶ ἐπληροφόρησαν ἐντεῦθα ὅτι αἱ εὐρωπαϊκαὶ κυβερνήσεις ἐξέφρασαν τὴν εὐχαριστησίν αὐτῶν διὰ τὸ ὑπὸ τῆς σεβαστῆς κυβερνήσεως κατὰ τὴν διάρκειαν τῶν διαπραγματεύσεων ἐκδηλωθὲν φιλειρηνικὸν αἴσθημα.

Ἡ ἀνακοίνωσις εἰς τὰ στρατόπεδα καὶ τοὺς διοικητὰς

Τηλεγραφικῶς ὡσαύτως ἠγγέλθη ὅτι
